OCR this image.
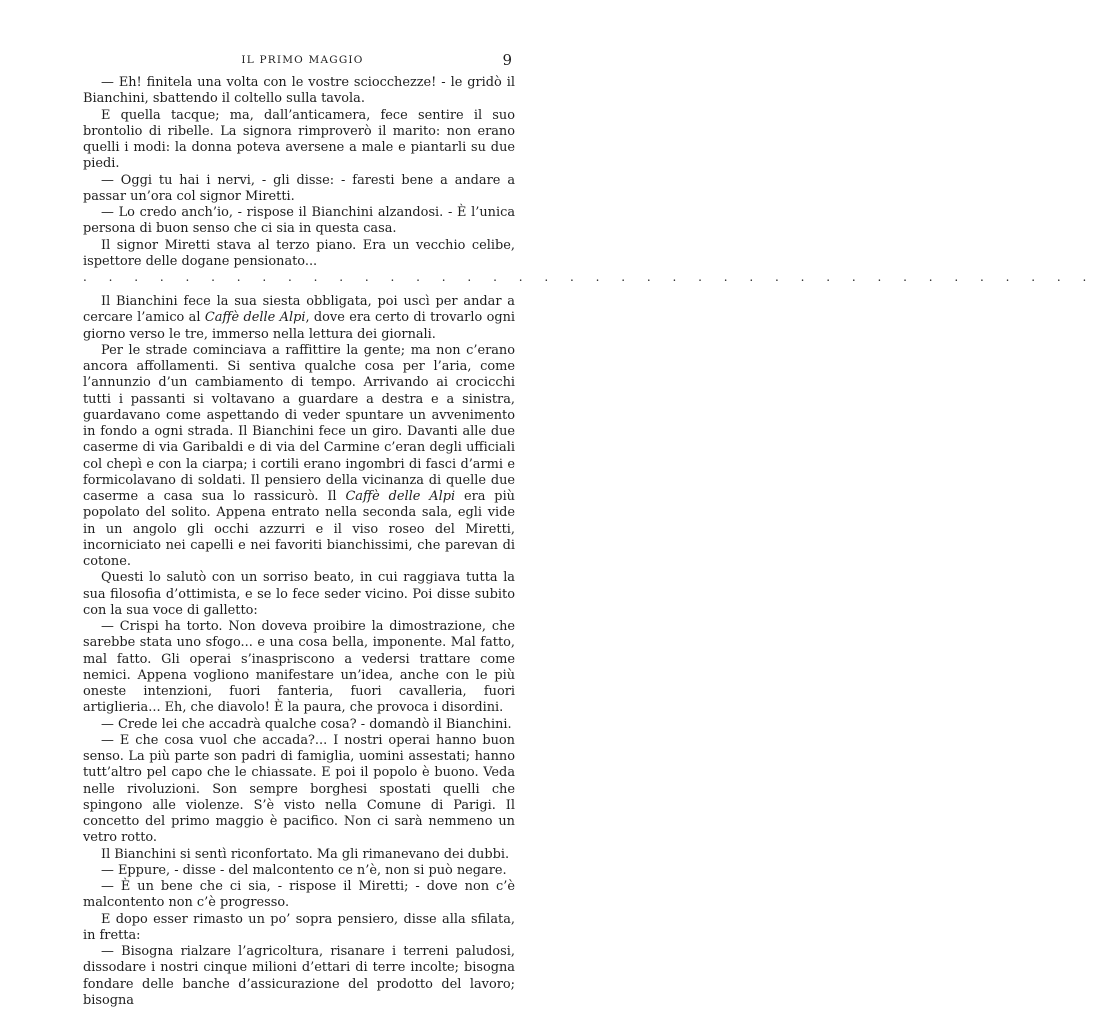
IL PRIMO MAGGIO	9

— Eh! finitela una volta con le vostre sciocchezze! - le gridò il Bianchini, sbattendo il coltello sulla tavola.

E quella tacque; ma, dall’anticamera, fece sentire il suo brontolio di ribelle. La signora rimproverò il marito: non erano quelli i modi: la donna poteva aversene a male e piantarli su due piedi.

— Oggi tu hai i nervi, - gli disse: - faresti bene a andare a passar un’ora col signor Miretti.

— Lo credo anch’io, - rispose il Bianchini alzandosi. - È l’unica persona di buon senso che ci sia in questa casa.

Il signor Miretti stava al terzo piano. Era un vecchio celibe, ispettore delle dogane pensionato...

. . . . . . . . . . . . . . . . . . . . . . . . . . . . . . . . . . . . . . . .

Il Bianchini fece la sua siesta obbligata, poi uscì per andar a cercare l’amico al Caffè delle Alpi, dove era certo di trovarlo ogni giorno verso le tre, immerso nella lettura dei giornali.

Per le strade cominciava a raffittire la gente; ma non c’erano ancora affollamenti. Si sentiva qualche cosa per l’aria, come l’annunzio d’un cambiamento di tempo. Arrivando ai crocicchi tutti i passanti si voltavano a guardare a destra e a sinistra, guardavano come aspettando di veder spuntare un avvenimento in fondo a ogni strada. Il Bianchini fece un giro. Davanti alle due caserme di via Garibaldi e di via del Carmine c’eran degli ufficiali col chepì e con la ciarpa; i cortili erano ingombri di fasci d’armi e formicolavano di soldati. Il pensiero della vicinanza di quelle due caserme a casa sua lo rassicurò. Il Caffè delle Alpi era più popolato del solito. Appena entrato nella seconda sala, egli vide in un angolo gli occhi azzurri e il viso roseo del Miretti, incorniciato nei capelli e nei favoriti bianchissimi, che parevan di cotone.

Questi lo salutò con un sorriso beato, in cui raggiava tutta la sua filosofia d’ottimista, e se lo fece seder vicino. Poi disse subito con la sua voce di galletto:

— Crispi ha torto. Non doveva proibire la dimostrazione, che sarebbe stata uno sfogo... e una cosa bella, imponente. Mal fatto, mal fatto. Gli operai s’inaspriscono a vedersi trattare come nemici. Appena vogliono manifestare un’idea, anche con le più oneste intenzioni, fuori fanteria, fuori cavalleria, fuori artiglieria... Eh, che diavolo! È la paura, che provoca i disordini.

— Crede lei che accadrà qualche cosa? - domandò il Bianchini.

— E che cosa vuol che accada?... I nostri operai hanno buon senso. La più parte son padri di famiglia, uomini assestati; hanno tutt’altro pel capo che le chiassate. E poi il popolo è buono. Veda nelle rivoluzioni. Son sempre borghesi spostati quelli che spingono alle violenze. S’è visto nella Comune di Parigi. Il concetto del primo maggio è pacifico. Non ci sarà nemmeno un vetro rotto.

Il Bianchini si sentì riconfortato. Ma gli rimanevano dei dubbi.

— Eppure, - disse - del malcontento ce n’è, non si può negare.

— È un bene che ci sia, - rispose il Miretti; - dove non c’è malcontento non c’è progresso.

E dopo esser rimasto un po’ sopra pensiero, disse alla sfilata, in fretta:

— Bisogna rialzare l’agricoltura, risanare i terreni paludosi, dissodare i nostri cinque milioni d’ettari di terre incolte; bisogna fondare delle banche d’assicurazione del prodotto del lavoro; bisogna
